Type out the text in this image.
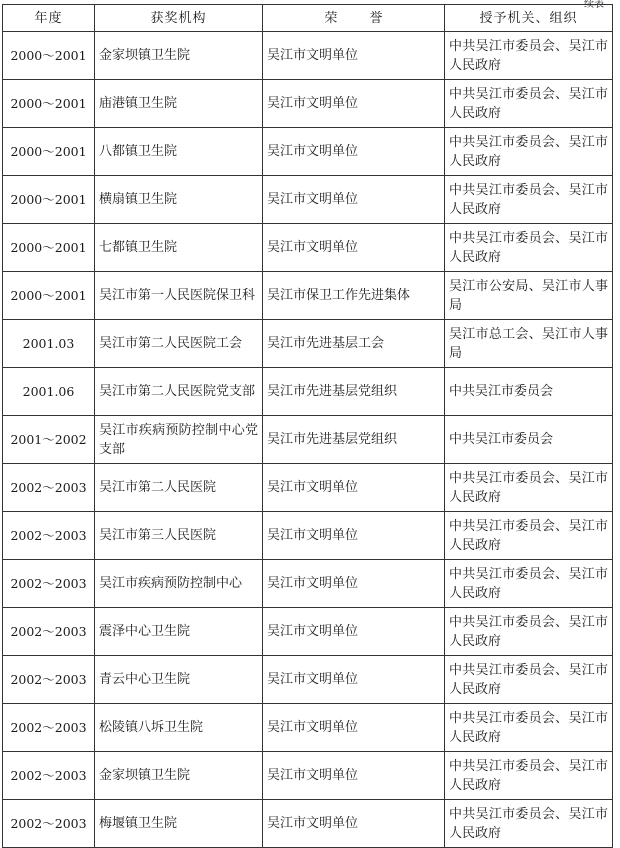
续表
年度	获奖机构	荣 誉	授予机关、组织
2000～2001	金家坝镇卫生院	吴江市文明单位	中共吴江市委员会、吴江市人民政府
2000～2001	庙港镇卫生院	吴江市文明单位	中共吴江市委员会、吴江市人民政府
2000～2001	八都镇卫生院	吴江市文明单位	中共吴江市委员会、吴江市人民政府
2000～2001	横扇镇卫生院	吴江市文明单位	中共吴江市委员会、吴江市人民政府
2000～2001	七都镇卫生院	吴江市文明单位	中共吴江市委员会、吴江市人民政府
2000～2001	吴江市第一人民医院保卫科	吴江市保卫工作先进集体	吴江市公安局、吴江市人事局
2001.03	吴江市第二人民医院工会	吴江市先进基层工会	吴江市总工会、吴江市人事局
2001.06	吴江市第二人民医院党支部	吴江市先进基层党组织	中共吴江市委员会
2001～2002	吴江市疾病预防控制中心党支部	吴江市先进基层党组织	中共吴江市委员会
2002～2003	吴江市第二人民医院	吴江市文明单位	中共吴江市委员会、吴江市人民政府
2002～2003	吴江市第三人民医院	吴江市文明单位	中共吴江市委员会、吴江市人民政府
2002～2003	吴江市疾病预防控制中心	吴江市文明单位	中共吴江市委员会、吴江市人民政府
2002～2003	震泽中心卫生院	吴江市文明单位	中共吴江市委员会、吴江市人民政府
2002～2003	青云中心卫生院	吴江市文明单位	中共吴江市委员会、吴江市人民政府
2002～2003	松陵镇八坼卫生院	吴江市文明单位	中共吴江市委员会、吴江市人民政府
2002～2003	金家坝镇卫生院	吴江市文明单位	中共吴江市委员会、吴江市人民政府
2002～2003	梅堰镇卫生院	吴江市文明单位	中共吴江市委员会、吴江市人民政府
